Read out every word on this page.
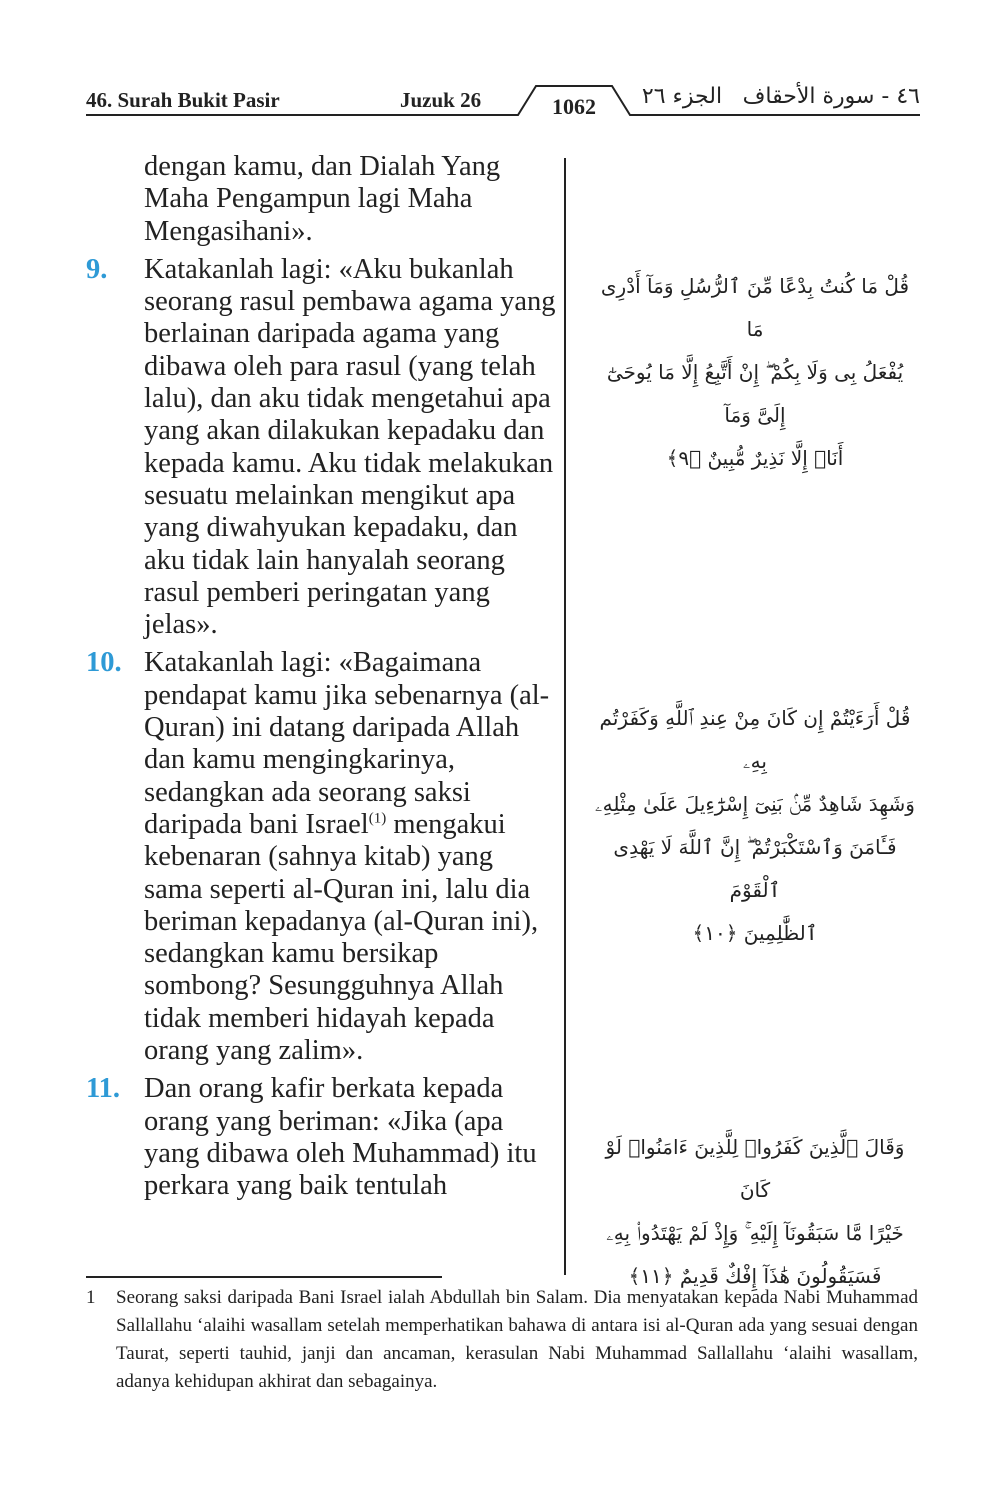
46. Surah Bukit Pasir	Juzuk 26	1062	الجزء ٢٦ ٤٦ - سورة الأحقاف
dengan kamu, dan Dialah Yang Maha Pengampun lagi Maha Mengasihani».
9. Katakanlah lagi: «Aku bukanlah seorang rasul pembawa agama yang berlainan daripada agama yang dibawa oleh para rasul (yang telah lalu), dan aku tidak mengetahui apa yang akan dilakukan kepadaku dan kepada kamu. Aku tidak melakukan sesuatu melainkan mengikut apa yang diwahyukan kepadaku, dan aku tidak lain hanyalah seorang rasul pemberi peringatan yang jelas».
10. Katakanlah lagi: «Bagaimana pendapat kamu jika sebenarnya (al-Quran) ini datang daripada Allah dan kamu mengingkarinya, sedangkan ada seorang saksi daripada bani Israel$^{(1)}$ mengakui kebenaran (sahnya kitab) yang sama seperti al-Quran ini, lalu dia beriman kepadanya (al-Quran ini), sedangkan kamu bersikap sombong? Sesungguhnya Allah tidak memberi hidayah kepada orang yang zalim».
11. Dan orang kafir berkata kepada orang yang beriman: «Jika (apa yang dibawa oleh Muhammad) itu perkara yang baik tentulah
قُلْ مَا كُنتُ بِدْعًا مِّنَ ٱلرُّسُلِ وَمَآ أَدْرِى مَا
يُفْعَلُ بِى وَلَا بِكُمْ ۖ إِنْ أَتَّبِعُ إِلَّا مَا يُوحَىٰٓ إِلَىَّ وَمَآ
أَنَا۠ إِلَّا نَذِيرٌ مُّبِينٌ ﴿٩﴾
قُلْ أَرَءَيْتُمْ إِن كَانَ مِنْ عِندِ ٱللَّهِ وَكَفَرْتُم بِهِۦ
وَشَهِدَ شَاهِدٌ مِّنۢ بَنِىٓ إِسْرَٰٓءِيلَ عَلَىٰ مِثْلِهِۦ
فَـَٔامَنَ وَٱسْتَكْبَرْتُمْ ۖ إِنَّ ٱللَّهَ لَا يَهْدِى ٱلْقَوْمَ
ٱلظَّٰلِمِينَ ﴿١٠﴾
وَقَالَ ٱلَّذِينَ كَفَرُوا۟ لِلَّذِينَ ءَامَنُوا۟ لَوْ كَانَ
خَيْرًا مَّا سَبَقُونَآ إِلَيْهِ ۚ وَإِذْ لَمْ يَهْتَدُوا۟ بِهِۦ
فَسَيَقُولُونَ هَٰذَآ إِفْكٌ قَدِيمٌ ﴿١١﴾
1 Seorang saksi daripada Bani Israel ialah Abdullah bin Salam. Dia menyatakan kepada Nabi Muhammad Sallallahu ‘alaihi wasallam setelah memperhatikan bahawa di antara isi al-Quran ada yang sesuai dengan Taurat, seperti tauhid, janji dan ancaman, kerasulan Nabi Muhammad Sallallahu ‘alaihi wasallam, adanya kehidupan akhirat dan sebagainya.
